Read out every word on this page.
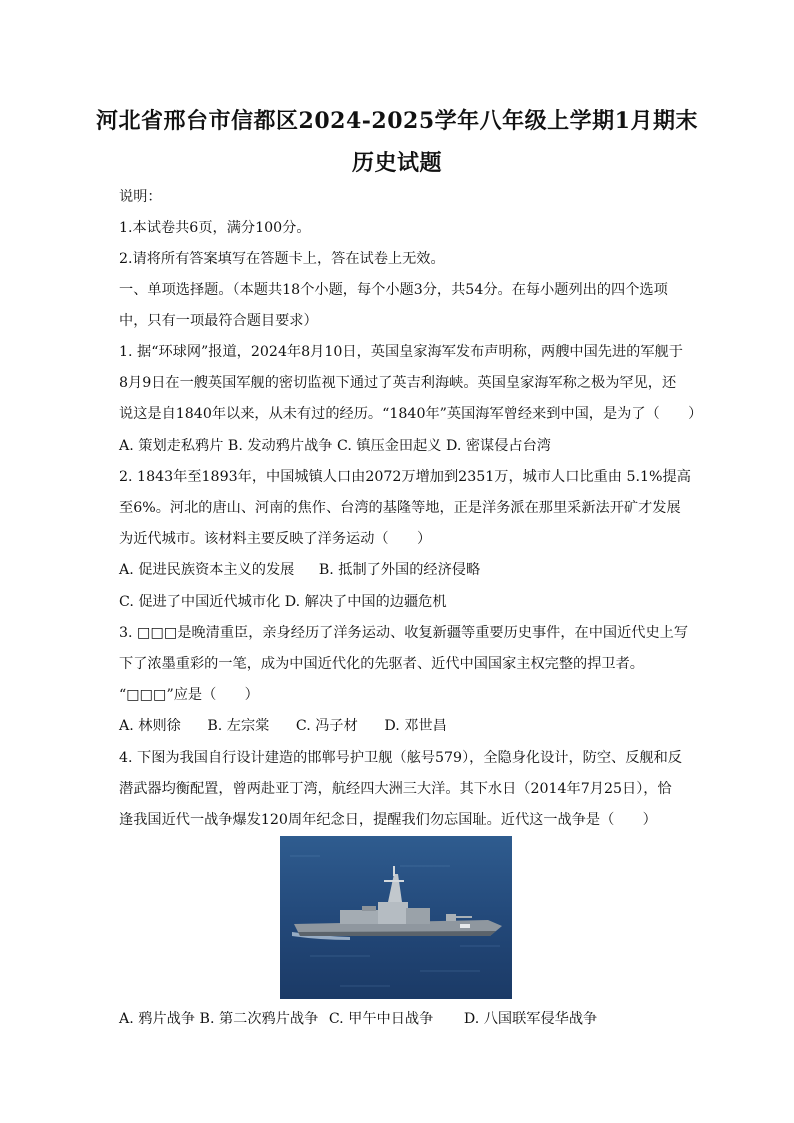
河北省邢台市信都区2024-2025学年八年级上学期1月期末
历史试题
说明：
1.本试卷共6页，满分100分。
2.请将所有答案填写在答题卡上，答在试卷上无效。
一、单项选择题。（本题共18个小题，每个小题3分，共54分。在每小题列出的四个选项
中，只有一项最符合题目要求）
1. 据“环球网”报道，2024年8月10日，英国皇家海军发布声明称，两艘中国先进的军舰于
8月9日在一艘英国军舰的密切监视下通过了英吉利海峡。英国皇家海军称之极为罕见，还
说这是自1840年以来，从未有过的经历。“1840年”英国海军曾经来到中国，是为了（　　）
A. 策划走私鸦片 B. 发动鸦片战争 C. 镇压金田起义 D. 密谋侵占台湾
2. 1843年至1893年，中国城镇人口由2072万增加到2351万，城市人口比重由 5.1%提高
至6%。河北的唐山、河南的焦作、台湾的基隆等地，正是洋务派在那里采新法开矿才发展
为近代城市。该材料主要反映了洋务运动（　　）
A. 促进民族资本主义的发展 B. 抵制了外国的经济侵略
C. 促进了中国近代城市化 D. 解决了中国的边疆危机
3. □□□是晚清重臣，亲身经历了洋务运动、收复新疆等重要历史事件，在中国近代史上写
下了浓墨重彩的一笔，成为中国近代化的先驱者、近代中国国家主权完整的捍卫者。
“□□□”应是（　　）
A. 林则徐 B. 左宗棠 C. 冯子材 D. 邓世昌
4. 下图为我国自行设计建造的邯郸号护卫舰（舷号579），全隐身化设计，防空、反舰和反
潜武器均衡配置，曾两赴亚丁湾，航经四大洲三大洋。其下水日（2014年7月25日），恰
逢我国近代一战争爆发120周年纪念日，提醒我们勿忘国耻。近代这一战争是（　　）
A. 鸦片战争 B. 第二次鸦片战争 C. 甲午中日战争 D. 八国联军侵华战争
